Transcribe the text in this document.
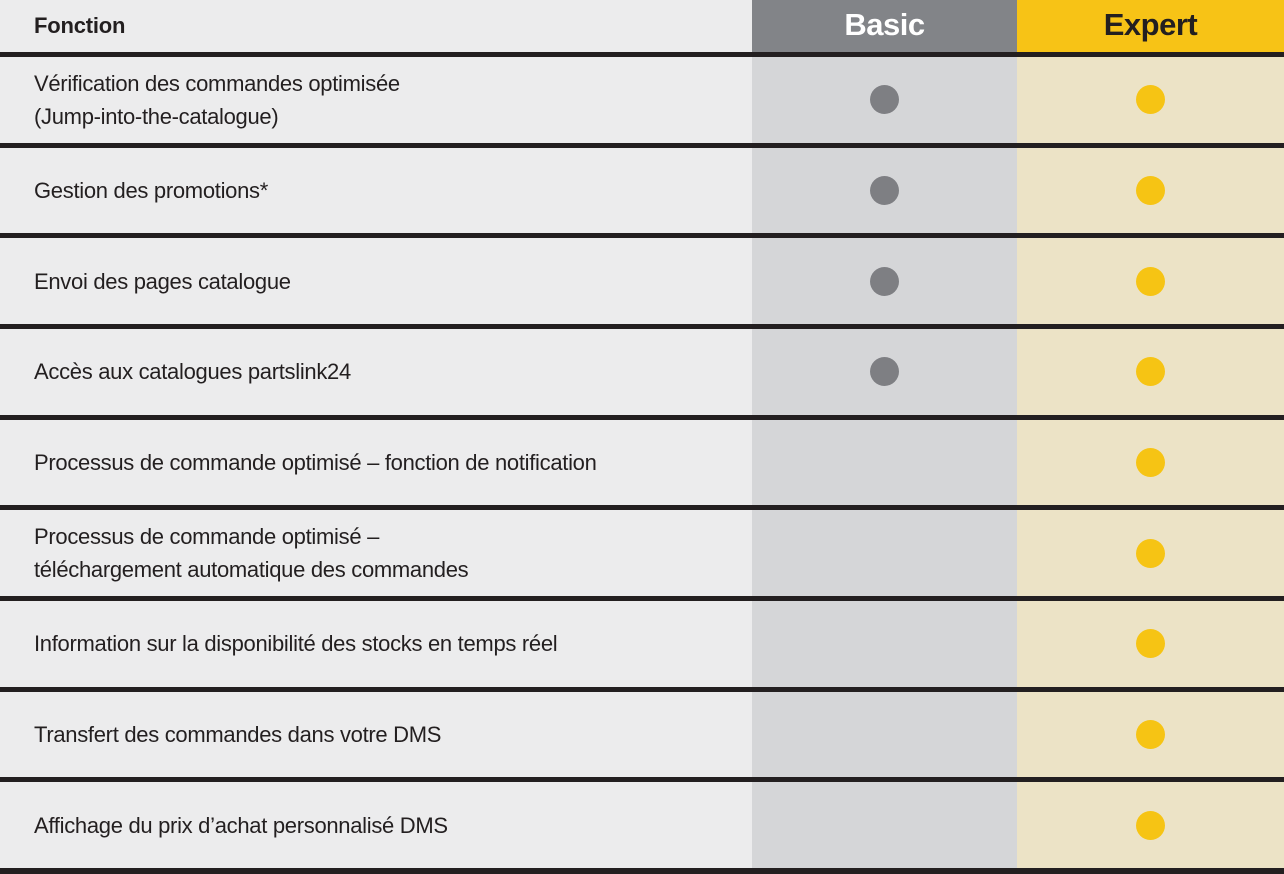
Fonction	Basic	Expert
Vérification des commandes optimisée
(Jump-into-the-catalogue)
Gestion des promotions*
Envoi des pages catalogue
Accès aux catalogues partslink24
Processus de commande optimisé – fonction de notification
Processus de commande optimisé –
téléchargement automatique des commandes
Information sur la disponibilité des stocks en temps réel
Transfert des commandes dans votre DMS
Affichage du prix d’achat personnalisé DMS
